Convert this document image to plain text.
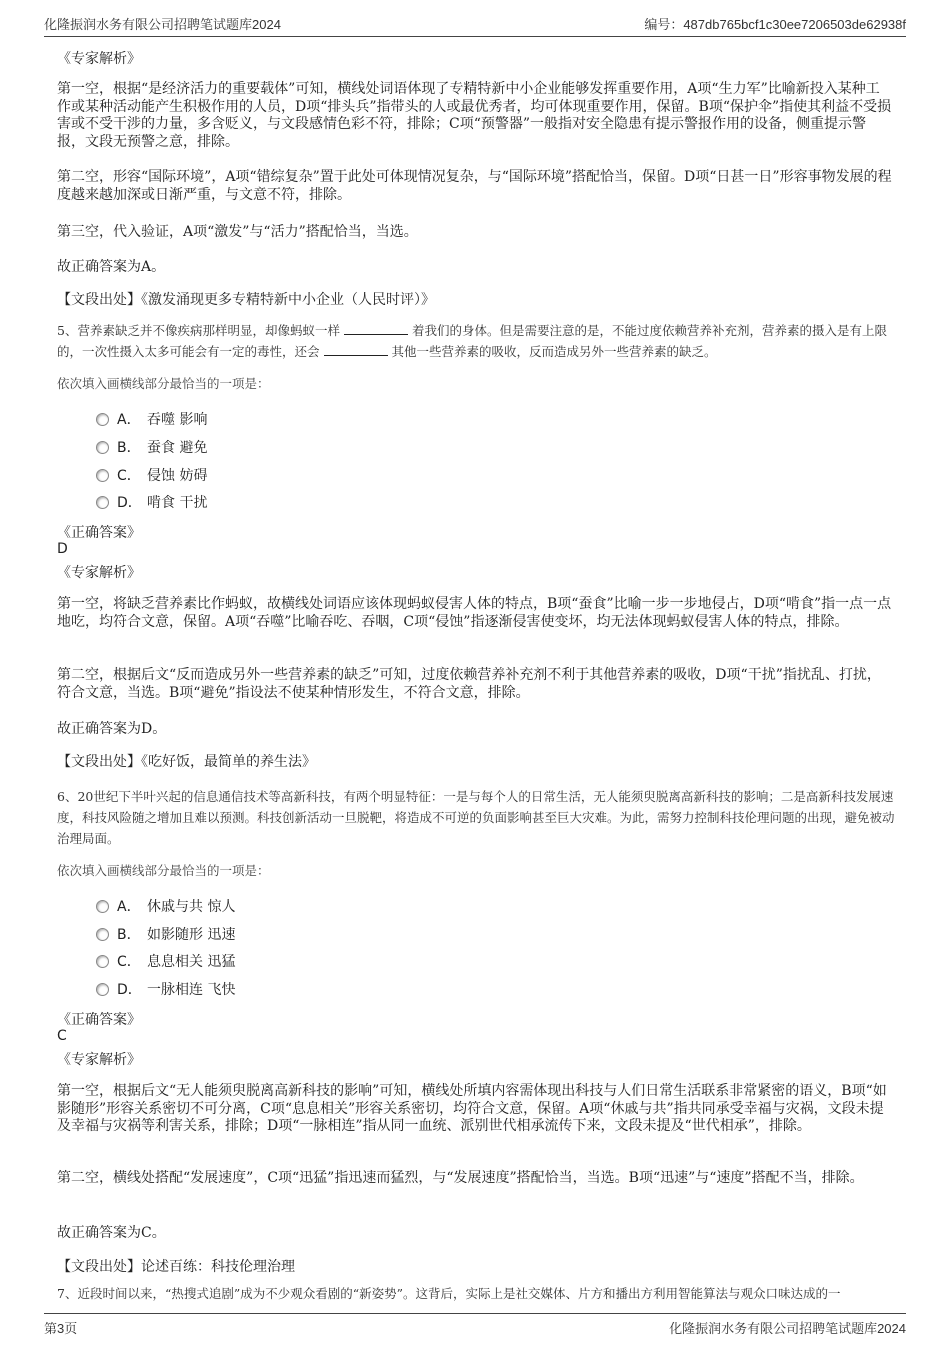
化隆振润水务有限公司招聘笔试题库2024	编号：487db765bcf1c30ee7206503de62938f
《专家解析》
第一空，根据“是经济活力的重要载体”可知，横线处词语体现了专精特新中小企业能够发挥重要作用，A项“生力军”比喻新投入某种工作或某种活动能产生积极作用的人员，D项“排头兵”指带头的人或最优秀者，均可体现重要作用，保留。B项“保护伞”指使其利益不受损害或不受干涉的力量，多含贬义，与文段感情色彩不符，排除；C项“预警器”一般指对安全隐患有提示警报作用的设备，侧重提示警报，文段无预警之意，排除。
第二空，形容“国际环境”，A项“错综复杂”置于此处可体现情况复杂，与“国际环境”搭配恰当，保留。D项“日甚一日”形容事物发展的程度越来越加深或日渐严重，与文意不符，排除。
第三空，代入验证，A项“激发”与“活力”搭配恰当，当选。
故正确答案为A。
【文段出处】《激发涌现更多专精特新中小企业（人民时评）》
5、营养素缺乏并不像疾病那样明显，却像蚂蚁一样	着我们的身体。但是需要注意的是，不能过度依赖营养补充剂，营养素的摄入是有上限的，一次性摄入太多可能会有一定的毒性，还会	其他一些营养素的吸收，反而造成另外一些营养素的缺乏。
依次填入画横线部分最恰当的一项是：
A． 吞噬 影响
B． 蚕食 避免
C． 侵蚀 妨碍
D． 啃食 干扰
《正确答案》
D
《专家解析》
第一空，将缺乏营养素比作蚂蚁，故横线处词语应该体现蚂蚁侵害人体的特点，B项“蚕食”比喻一步一步地侵占，D项“啃食”指一点一点地吃，均符合文意，保留。A项“吞噬”比喻吞吃、吞咽，C项“侵蚀”指逐渐侵害使变坏，均无法体现蚂蚁侵害人体的特点，排除。
第二空，根据后文“反而造成另外一些营养素的缺乏”可知，过度依赖营养补充剂不利于其他营养素的吸收，D项“干扰”指扰乱、打扰，符合文意，当选。B项“避免”指设法不使某种情形发生，不符合文意，排除。
故正确答案为D。
【文段出处】《吃好饭，最简单的养生法》
6、20世纪下半叶兴起的信息通信技术等高新科技，有两个明显特征：一是与每个人的日常生活，无人能须臾脱离高新科技的影响；二是高新科技发展速度，科技风险随之增加且难以预测。科技创新活动一旦脱靶，将造成不可逆的负面影响甚至巨大灾难。为此，需努力控制科技伦理问题的出现，避免被动治理局面。
依次填入画横线部分最恰当的一项是：
A． 休戚与共 惊人
B． 如影随形 迅速
C． 息息相关 迅猛
D． 一脉相连 飞快
《正确答案》
C
《专家解析》
第一空，根据后文“无人能须臾脱离高新科技的影响”可知，横线处所填内容需体现出科技与人们日常生活联系非常紧密的语义，B项“如影随形”形容关系密切不可分离，C项“息息相关”形容关系密切，均符合文意，保留。A项“休戚与共”指共同承受幸福与灾祸，文段未提及幸福与灾祸等利害关系，排除；D项“一脉相连”指从同一血统、派别世代相承流传下来，文段未提及“世代相承”，排除。
第二空，横线处搭配“发展速度”，C项“迅猛”指迅速而猛烈，与“发展速度”搭配恰当，当选。B项“迅速”与“速度”搭配不当，排除。
故正确答案为C。
【文段出处】论述百练：科技伦理治理
7、近段时间以来，“热搜式追剧”成为不少观众看剧的“新姿势”。这背后，实际上是社交媒体、片方和播出方利用智能算法与观众口味达成的一
第3页	化隆振润水务有限公司招聘笔试题库2024
